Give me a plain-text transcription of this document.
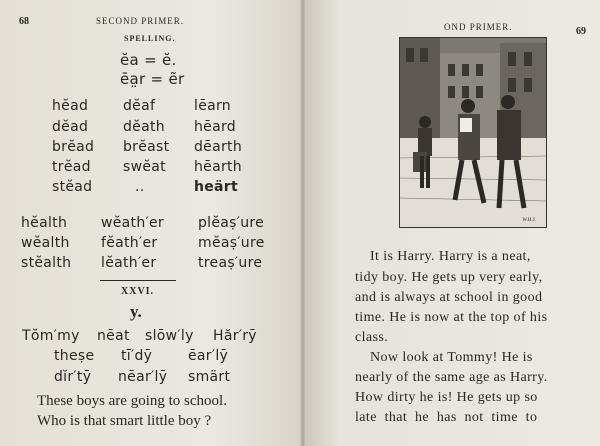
68	SECOND PRIMER.
SPELLING.
ĕa = ĕ.
ēa̤r = ẽr
hĕad dĕaf	lēarn
dĕad dĕath hēard
brĕad brĕast dēarth
trĕad swĕat hēarth
stĕad	..	heärt
hĕalth wĕath′er plĕaṣ′ure
wĕalth fĕath′er	mĕaṣ′ure
stĕalth lĕath′er	treaṣ′ure
XXVI.
y.
Tŏm′my nēat slōw′ly Hăr′rȳ
theṣe tī′dȳ	ēar′lȳ
dĭr′tȳ nēar′lȳ smärt
These boys are going to school.
Who is that smart little boy ?
OND PRIMER.	69
W.H.J.
It is Harry. Harry is a neat,
tidy boy. He gets up very early,
and is always at school in good
time. He is now at the top of his
class.
Now look at Tommy! He is
nearly of the same age as Harry.
How dirty he is! He gets up so
late  that  he  has  not  time  to
